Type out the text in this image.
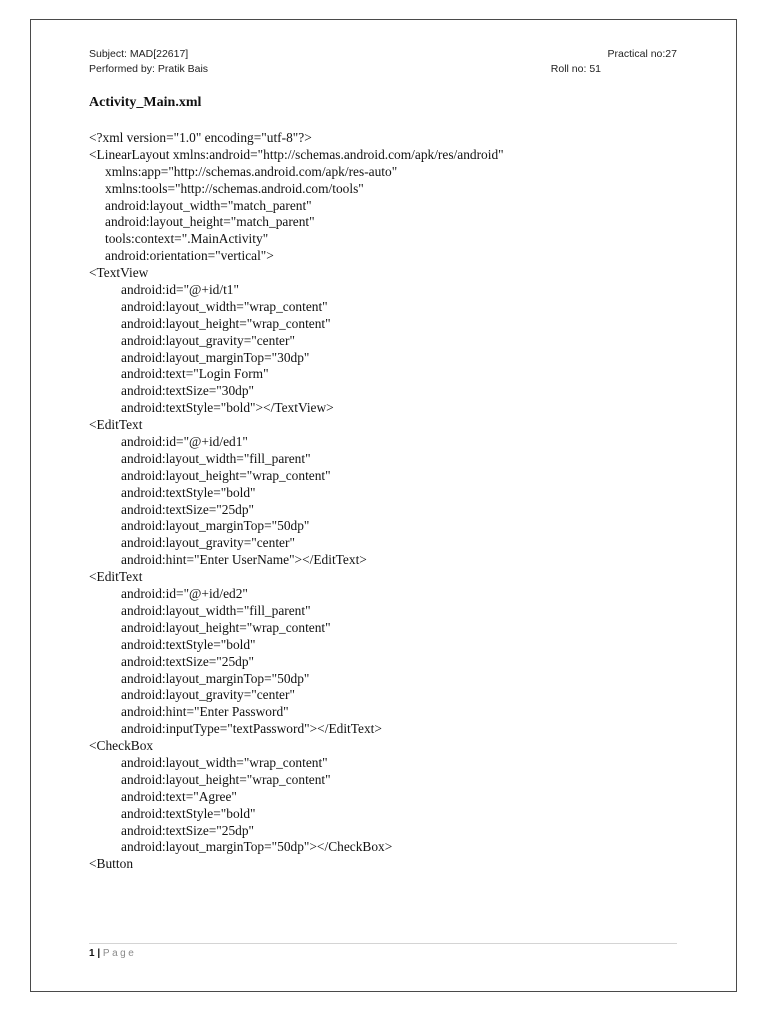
Subject: MAD[22617]	Practical no:27
Performed by: Pratik Bais	Roll no: 51
Activity_Main.xml
<?xml version="1.0" encoding="utf-8"?>
<LinearLayout xmlns:android="http://schemas.android.com/apk/res/android"
xmlns:app="http://schemas.android.com/apk/res-auto"
xmlns:tools="http://schemas.android.com/tools"
android:layout_width="match_parent"
android:layout_height="match_parent"
tools:context=".MainActivity"
android:orientation="vertical">
<TextView
android:id="@+id/t1"
android:layout_width="wrap_content"
android:layout_height="wrap_content"
android:layout_gravity="center"
android:layout_marginTop="30dp"
android:text="Login Form"
android:textSize="30dp"
android:textStyle="bold"></TextView>
<EditText
android:id="@+id/ed1"
android:layout_width="fill_parent"
android:layout_height="wrap_content"
android:textStyle="bold"
android:textSize="25dp"
android:layout_marginTop="50dp"
android:layout_gravity="center"
android:hint="Enter UserName"></EditText>
<EditText
android:id="@+id/ed2"
android:layout_width="fill_parent"
android:layout_height="wrap_content"
android:textStyle="bold"
android:textSize="25dp"
android:layout_marginTop="50dp"
android:layout_gravity="center"
android:hint="Enter Password"
android:inputType="textPassword"></EditText>
<CheckBox
android:layout_width="wrap_content"
android:layout_height="wrap_content"
android:text="Agree"
android:textStyle="bold"
android:textSize="25dp"
android:layout_marginTop="50dp"></CheckBox>
<Button
1 | Page
